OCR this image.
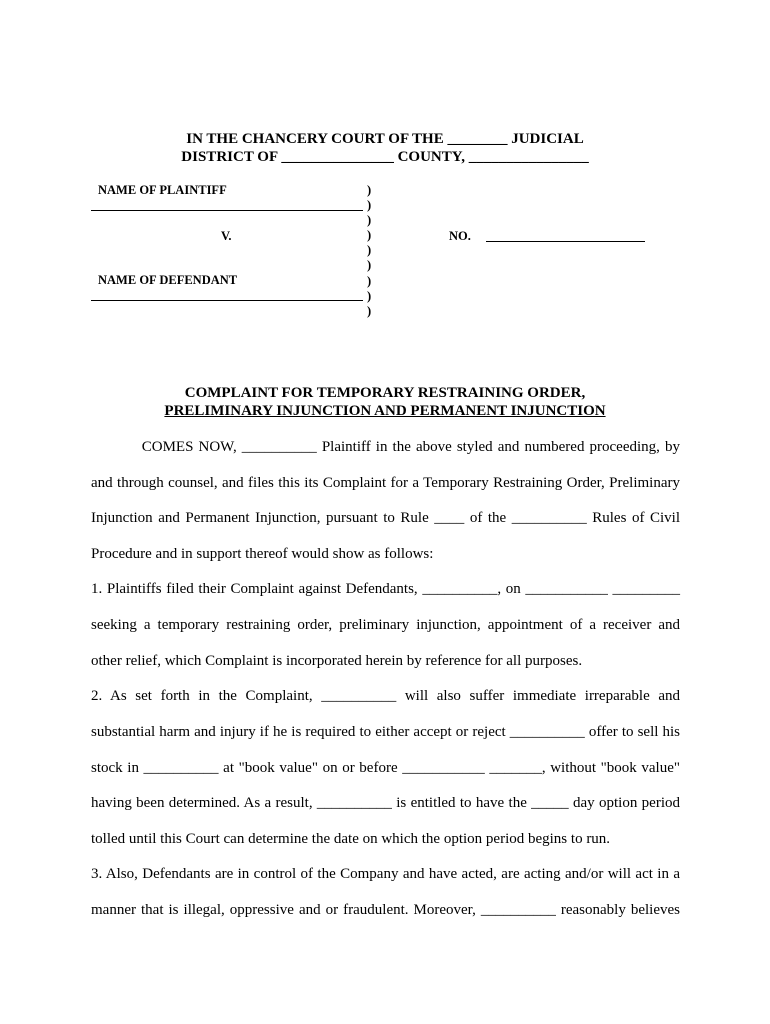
IN THE CHANCERY COURT OF THE ________ JUDICIAL
DISTRICT OF _______________ COUNTY, ________________
NAME OF PLAINTIFF
V.
NAME OF DEFENDANT
)
)
)
)
)
)
)
)
)
NO.
COMPLAINT FOR TEMPORARY RESTRAINING ORDER,
PRELIMINARY INJUNCTION AND PERMANENT INJUNCTION
COMES NOW, __________ Plaintiff in the above styled and numbered proceeding, by
and through counsel, and files this its Complaint for a Temporary Restraining Order, Preliminary
Injunction and Permanent Injunction, pursuant to Rule ____ of the __________ Rules of Civil
Procedure and in support thereof would show as follows:
1. Plaintiffs filed their Complaint against Defendants, __________, on ___________ _________
seeking a temporary restraining order, preliminary injunction, appointment of a receiver and
other relief, which Complaint is incorporated herein by reference for all purposes.
2. As set forth in the Complaint, __________ will also suffer immediate irreparable and
substantial harm and injury if he is required to either accept or reject __________ offer to sell his
stock in __________ at "book value" on or before ___________ _______, without "book value"
having been determined. As a result, __________ is entitled to have the _____ day option period
tolled until this Court can determine the date on which the option period begins to run.
3. Also, Defendants are in control of the Company and have acted, are acting and/or will act in a
manner that is illegal, oppressive and or fraudulent. Moreover, __________ reasonably believes
